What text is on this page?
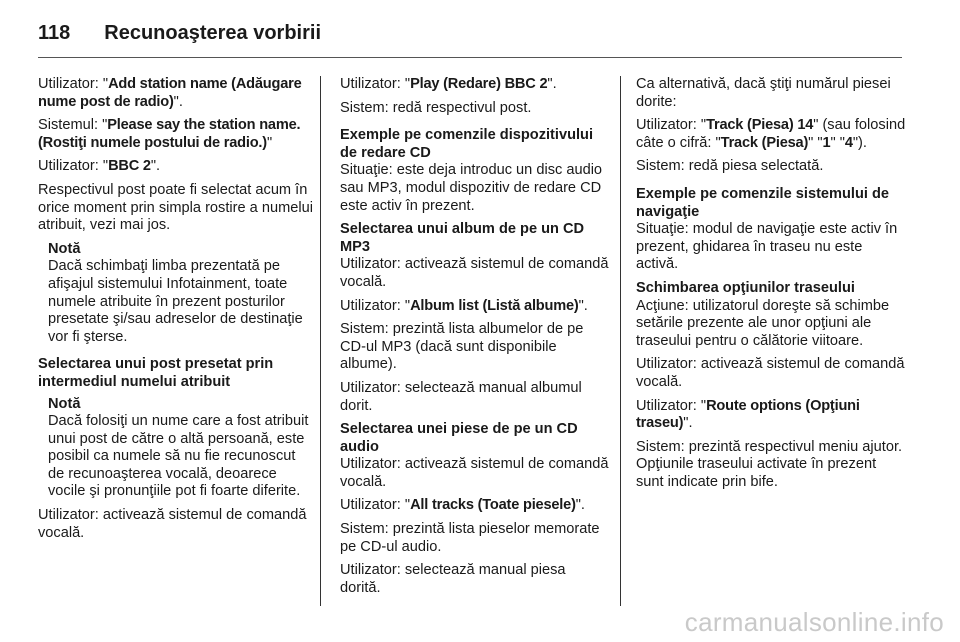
118 Recunoaşterea vorbirii

Utilizator: "Add station name (Adăugare nume post de radio)".

Sistemul: "Please say the station name. (Rostiţi numele postului de radio.)"

Utilizator: "BBC 2".

Respectivul post poate fi selectat acum în orice moment prin simpla rostire a numelui atribuit, vezi mai jos.

Notă
Dacă schimbaţi limba prezentată pe afişajul sistemului Infotainment, toate numele atribuite în prezent posturilor presetate şi/sau adreselor de destinaţie vor fi şterse.

Selectarea unui post presetat prin intermediul numelui atribuit

Notă
Dacă folosiţi un nume care a fost atribuit unui post de către o altă persoană, este posibil ca numele să nu fie recunoscut de recunoaşterea vocală, deoarece vocile şi pronunţiile pot fi foarte diferite.

Utilizator: activează sistemul de comandă vocală.

Utilizator: "Play (Redare) BBC 2".

Sistem: redă respectivul post.

Exemple pe comenzile dispozitivului de redare CD

Situaţie: este deja introduc un disc audio sau MP3, modul dispozitiv de redare CD este activ în prezent.

Selectarea unui album de pe un CD MP3

Utilizator: activează sistemul de comandă vocală.

Utilizator: "Album list (Listă albume)".

Sistem: prezintă lista albumelor de pe CD-ul MP3 (dacă sunt disponibile albume).

Utilizator: selectează manual albumul dorit.

Selectarea unei piese de pe un CD audio

Utilizator: activează sistemul de comandă vocală.

Utilizator: "All tracks (Toate piesele)".

Sistem: prezintă lista pieselor memorate pe CD-ul audio.

Utilizator: selectează manual piesa dorită.

Ca alternativă, dacă ştiţi numărul piesei dorite:

Utilizator: "Track (Piesa) 14" (sau folosind câte o cifră: "Track (Piesa)" "1" "4").

Sistem: redă piesa selectată.

Exemple pe comenzile sistemului de navigaţie

Situaţie: modul de navigaţie este activ în prezent, ghidarea în traseu nu este activă.

Schimbarea opţiunilor traseului

Acţiune: utilizatorul doreşte să schimbe setările prezente ale unor opţiuni ale traseului pentru o călătorie viitoare.

Utilizator: activează sistemul de comandă vocală.

Utilizator: "Route options (Opţiuni traseu)".

Sistem: prezintă respectivul meniu ajutor. Opţiunile traseului activate în prezent sunt indicate prin bife.

carmanualsonline.info
